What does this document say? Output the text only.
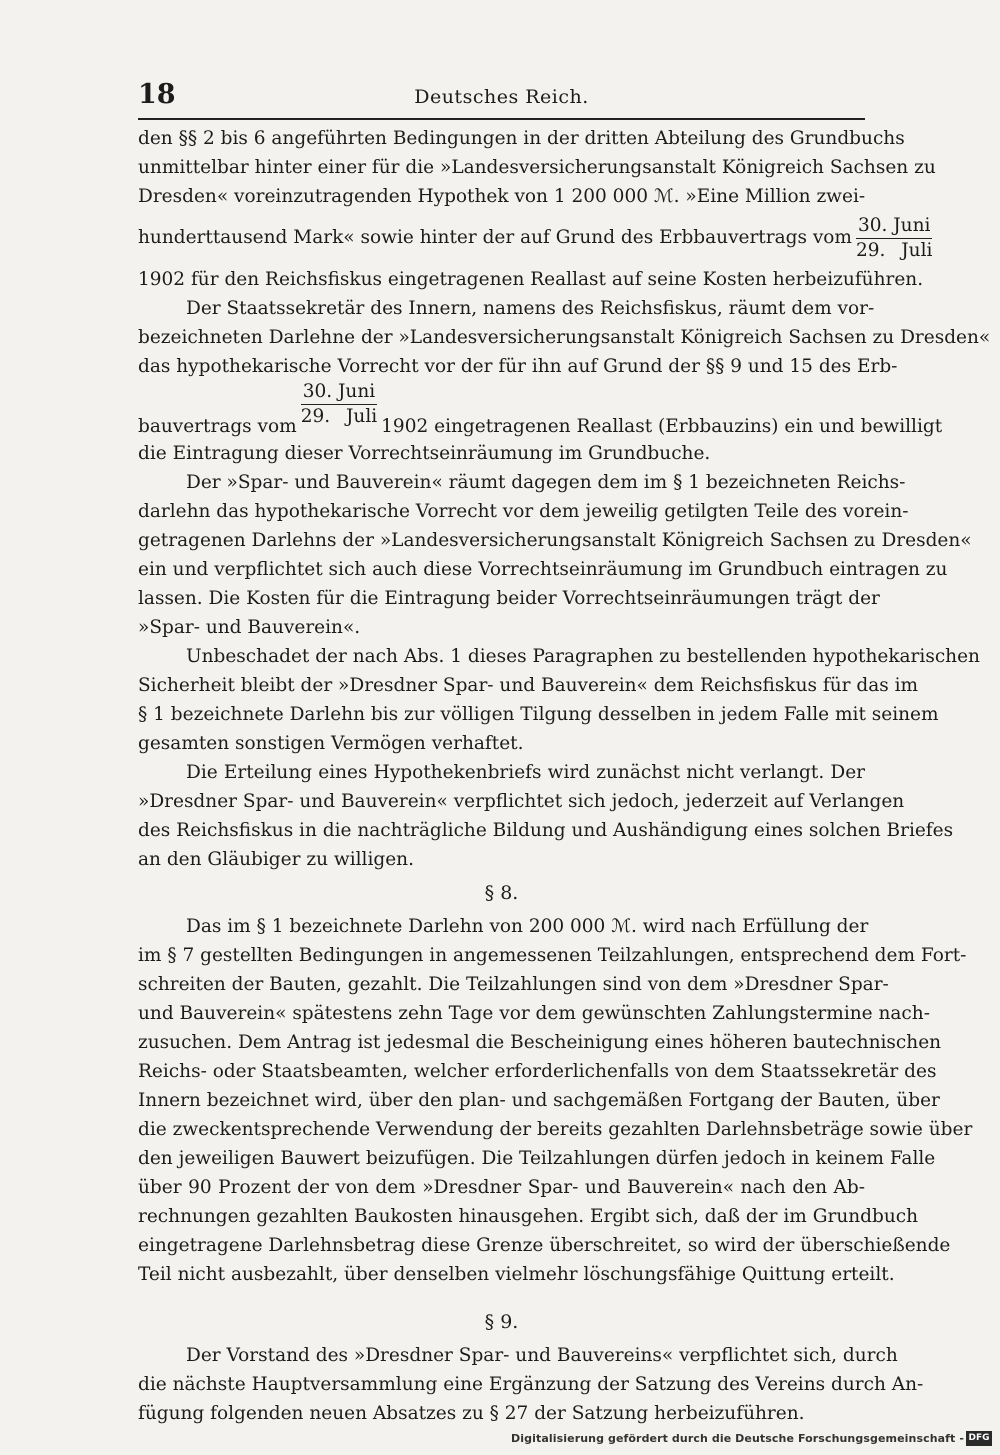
18	Deutsches Reich.
den §§ 2 bis 6 angeführten Bedingungen in der dritten Abteilung des Grundbuchs
unmittelbar hinter einer für die »Landesversicherungsanstalt Königreich Sachsen zu
Dresden« voreinzutragenden Hypothek von 1 200 000 ℳ. »Eine Million zwei-
hunderttausend Mark« sowie hinter der auf Grund des Erbbauvertrags vom $\frac{\text{30. Juni}}{\text{29. Juli}}$
1902 für den Reichsfiskus eingetragenen Reallast auf seine Kosten herbeizuführen.
Der Staatssekretär des Innern, namens des Reichsfiskus, räumt dem vor-
bezeichneten Darlehne der »Landesversicherungsanstalt Königreich Sachsen zu Dresden«
das hypothekarische Vorrecht vor der für ihn auf Grund der §§ 9 und 15 des Erb-
bauvertrags vom $\frac{\text{30. Juni}}{\text{29. Juli}} 1902$ eingetragenen Reallast (Erbbauzins) ein und bewilligt
die Eintragung dieser Vorrechtseinräumung im Grundbuche.
Der »Spar- und Bauverein« räumt dagegen dem im § 1 bezeichneten Reichs-
darlehn das hypothekarische Vorrecht vor dem jeweilig getilgten Teile des vorein-
getragenen Darlehns der »Landesversicherungsanstalt Königreich Sachsen zu Dresden«
ein und verpflichtet sich auch diese Vorrechtseinräumung im Grundbuch eintragen zu
lassen. Die Kosten für die Eintragung beider Vorrechtseinräumungen trägt der
»Spar- und Bauverein«.
Unbeschadet der nach Abs. 1 dieses Paragraphen zu bestellenden hypothekarischen
Sicherheit bleibt der »Dresdner Spar- und Bauverein« dem Reichsfiskus für das im
§ 1 bezeichnete Darlehn bis zur völligen Tilgung desselben in jedem Falle mit seinem
gesamten sonstigen Vermögen verhaftet.
Die Erteilung eines Hypothekenbriefs wird zunächst nicht verlangt. Der
»Dresdner Spar- und Bauverein« verpflichtet sich jedoch, jederzeit auf Verlangen
des Reichsfiskus in die nachträgliche Bildung und Aushändigung eines solchen Briefes
an den Gläubiger zu willigen.
§ 8.
Das im § 1 bezeichnete Darlehn von 200 000 ℳ. wird nach Erfüllung der
im § 7 gestellten Bedingungen in angemessenen Teilzahlungen, entsprechend dem Fort-
schreiten der Bauten, gezahlt. Die Teilzahlungen sind von dem »Dresdner Spar-
und Bauverein« spätestens zehn Tage vor dem gewünschten Zahlungstermine nach-
zusuchen. Dem Antrag ist jedesmal die Bescheinigung eines höheren bautechnischen
Reichs- oder Staatsbeamten, welcher erforderlichenfalls von dem Staatssekretär des
Innern bezeichnet wird, über den plan- und sachgemäßen Fortgang der Bauten, über
die zweckentsprechende Verwendung der bereits gezahlten Darlehnsbeträge sowie über
den jeweiligen Bauwert beizufügen. Die Teilzahlungen dürfen jedoch in keinem Falle
über 90 Prozent der von dem »Dresdner Spar- und Bauverein« nach den Ab-
rechnungen gezahlten Baukosten hinausgehen. Ergibt sich, daß der im Grundbuch
eingetragene Darlehnsbetrag diese Grenze überschreitet, so wird der überschießende
Teil nicht ausbezahlt, über denselben vielmehr löschungsfähige Quittung erteilt.
§ 9.
Der Vorstand des »Dresdner Spar- und Bauvereins« verpflichtet sich, durch
die nächste Hauptversammlung eine Ergänzung der Satzung des Vereins durch An-
fügung folgenden neuen Absatzes zu § 27 der Satzung herbeizuführen.
Digitalisierung gefördert durch die Deutsche Forschungsgemeinschaft - DFG
